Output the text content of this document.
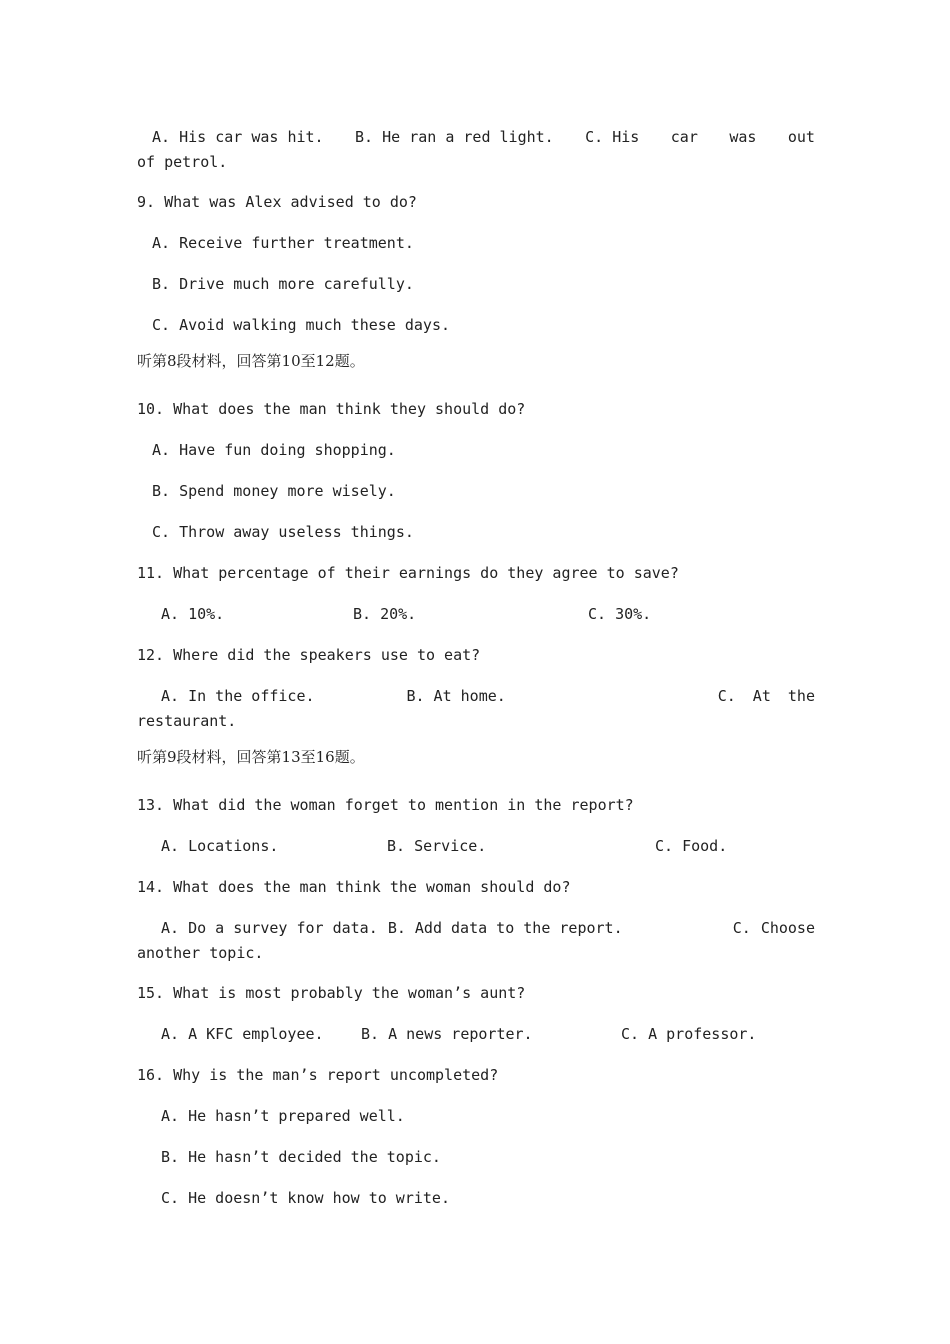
A. His car was hit. B. He ran a red light. C. His car was out
of petrol.

9. What was Alex advised to do?

A. Receive further treatment.

B. Drive much more carefully.

C. Avoid walking much these days.

听第8段材料，回答第10至12题。

10. What does the man think they should do?

A. Have fun doing shopping.

B. Spend money more wisely.

C. Throw away useless things.

11. What percentage of their earnings do they agree to save?

A. 10%.	B. 20%.	C. 30%.

12. Where did the speakers use to eat?

A. In the office.	B. At home.	C. At the
restaurant.

听第9段材料，回答第13至16题。

13. What did the woman forget to mention in the report?

A. Locations.	B. Service.	C. Food.

14. What does the man think the woman should do?

A. Do a survey for data. B. Add data to the report.	C. Choose
another topic.

15. What is most probably the woman’s aunt?

A. A KFC employee. B. A news reporter.	C. A professor.

16. Why is the man’s report uncompleted?

A. He hasn’t prepared well.

B. He hasn’t decided the topic.

C. He doesn’t know how to write.
